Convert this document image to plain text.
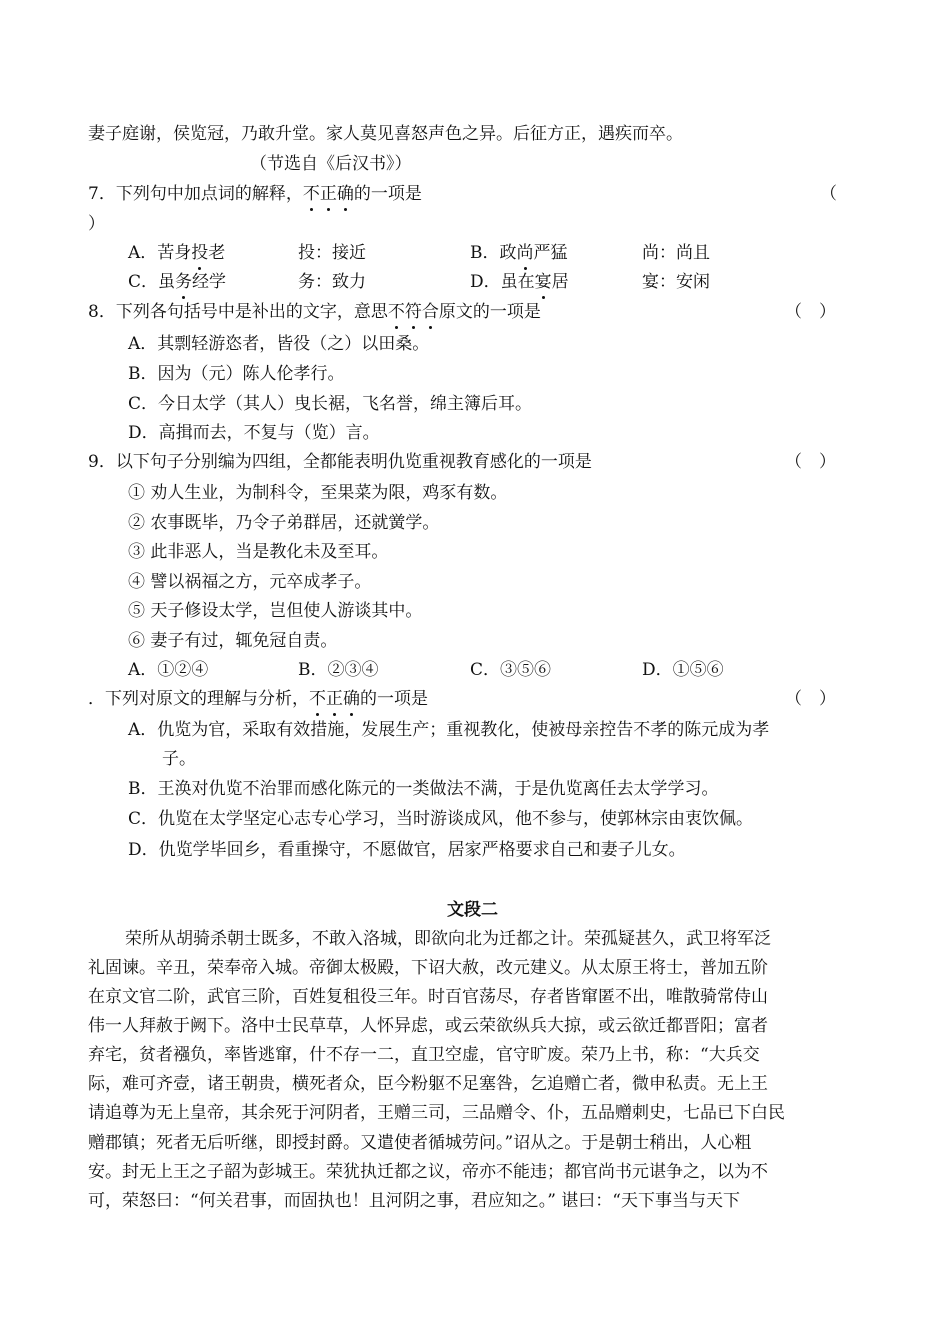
妻子庭谢，侯览冠，乃敢升堂。家人莫见喜怒声色之异。后征方正，遇疾而卒。
（节选自《后汉书》）
7．下列句中加点词的解释，不正确的一项是	（
）
A．苦身投老	投：接近	B．政尚严猛	尚：尚且
C．虽务经学	务：致力	D．虽在宴居	宴：安闲
8．下列各句括号中是补出的文字，意思不符合原文的一项是	（　）
A．其剽轻游恣者，皆役（之）以田桑。
B．因为（元）陈人伦孝行。
C．今日太学（其人）曳长裾，飞名誉，绵主簿后耳。
D．高揖而去，不复与（览）言。
9．以下句子分别编为四组，全都能表明仇览重视教育感化的一项是	（　）
① 劝人生业，为制科令，至果菜为限，鸡豕有数。
② 农事既毕，乃令子弟群居，还就黉学。
③ 此非恶人，当是教化未及至耳。
④ 譬以祸福之方，元卒成孝子。
⑤ 天子修设太学，岂但使人游谈其中。
⑥ 妻子有过，辄免冠自责。
A．①②④	B．②③④	C．③⑤⑥	D．①⑤⑥
．下列对原文的理解与分析，不正确的一项是	（　）
A．仇览为官，采取有效措施，发展生产；重视教化，使被母亲控告不孝的陈元成为孝
子。
B．王涣对仇览不治罪而感化陈元的一类做法不满，于是仇览离任去太学学习。
C．仇览在太学坚定心志专心学习，当时游谈成风，他不参与，使郭林宗由衷饮佩。
D．仇览学毕回乡，看重操守，不愿做官，居家严格要求自己和妻子儿女。
文段二
荣所从胡骑杀朝士既多，不敢入洛城，即欲向北为迁都之计。荣孤疑甚久，武卫将军泛
礼固谏。辛丑，荣奉帝入城。帝御太极殿，下诏大赦，改元建义。从太原王将士，普加五阶
在京文官二阶，武官三阶，百姓复租役三年。时百官荡尽，存者皆窜匿不出，唯散骑常侍山
伟一人拜赦于阙下。洛中士民草草，人怀异虑，或云荣欲纵兵大掠，或云欲迁都晋阳；富者
弃宅，贫者襁负，率皆逃窜，什不存一二，直卫空虚，官守旷废。荣乃上书，称：“大兵交
际，难可齐壹，诸王朝贵，横死者众，臣今粉躯不足塞咎，乞追赠亡者，微申私责。无上王
请追尊为无上皇帝，其余死于河阴者，王赠三司，三品赠令、仆，五品赠刺史，七品已下白民
赠郡镇；死者无后听继，即授封爵。又遣使者循城劳问。”诏从之。于是朝士稍出，人心粗
安。封无上王之子韶为彭城王。荣犹执迁都之议，帝亦不能违；都官尚书元谌争之，以为不
可，荣怒曰：“何关君事，而固执也！且河阴之事，君应知之。” 谌曰：“天下事当与天下
